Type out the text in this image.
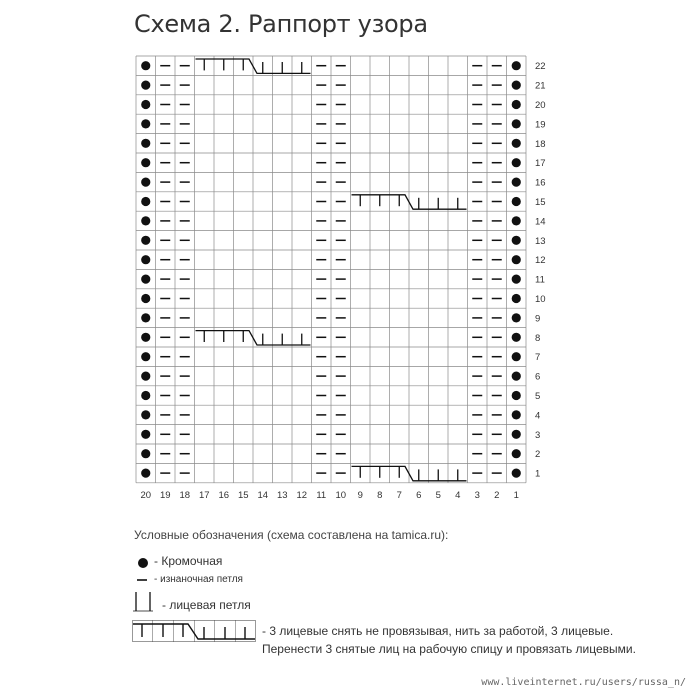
Схема 2. Раппорт узора
22
21
20
19
18
17
16
15
14
13
12
11
10
9
8
7
6
5
4
3
2
1
20 19 18 17 16 15 14 13 12 11 10 9 8 7 6 5 4 3 2 1
Условные обозначения (схема составлена на tamica.ru):
- Кромочная
- изнаночная петля
- лицевая петля
- 3 лицевые снять не провязывая, нить за работой, 3 лицевые.
Перенести 3 снятые лиц на рабочую спицу и провязать лицевыми.
www.liveinternet.ru/users/russa_n/
